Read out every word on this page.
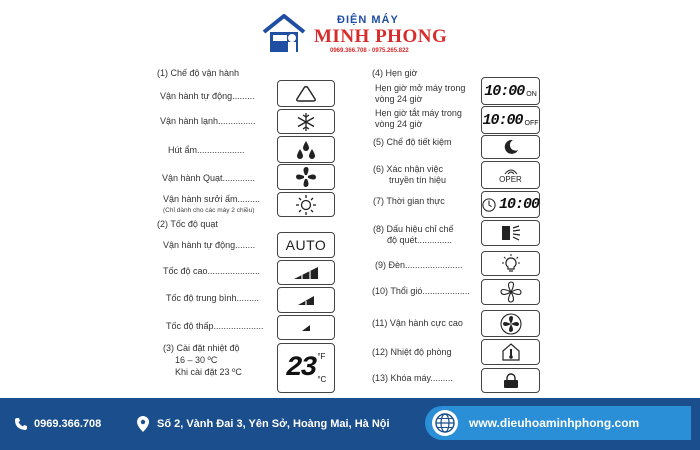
ĐIỆN MÁY
MINH PHONG
0969.366.708 - 0975.265.822
(1) Chế độ vận hành
Vận hành tự động.........
Vận hành lạnh...............
Hút ẩm...................
Vận hành Quạt.............
Vận hành sưởi ấm.........
(Chỉ dành cho các máy 2 chiều)
(2) Tốc độ quạt
Vận hành tự động........ AUTO
Tốc độ cao.....................
Tốc độ trung bình.........
Tốc độ thấp....................
(3) Cài đặt nhiệt độ
16 – 30 ºC
Khi cài đặt 23 ºC 23 °F
°C
(4) Hẹn giờ
Hẹn giờ mở máy trong
vòng 24 giờ	10:00 ON
Hẹn giờ tắt máy trong
vòng 24 giờ	10:00 OFF
(5) Chế độ tiết kiệm
(6) Xác nhận việc
truyền tín hiệu	OPER
(7) Thời gian thực	10:00
(8) Dấu hiệu chỉ chế
độ quét..............
(9) Đèn.......................
(10) Thổi gió...................
(11) Vận hành cực cao
(12) Nhiệt độ phòng
(13) Khóa máy.........
0969.366.708	Số 2, Vành Đai 3, Yên Sở, Hoàng Mai, Hà Nội	www.dieuhoaminhphong.com
